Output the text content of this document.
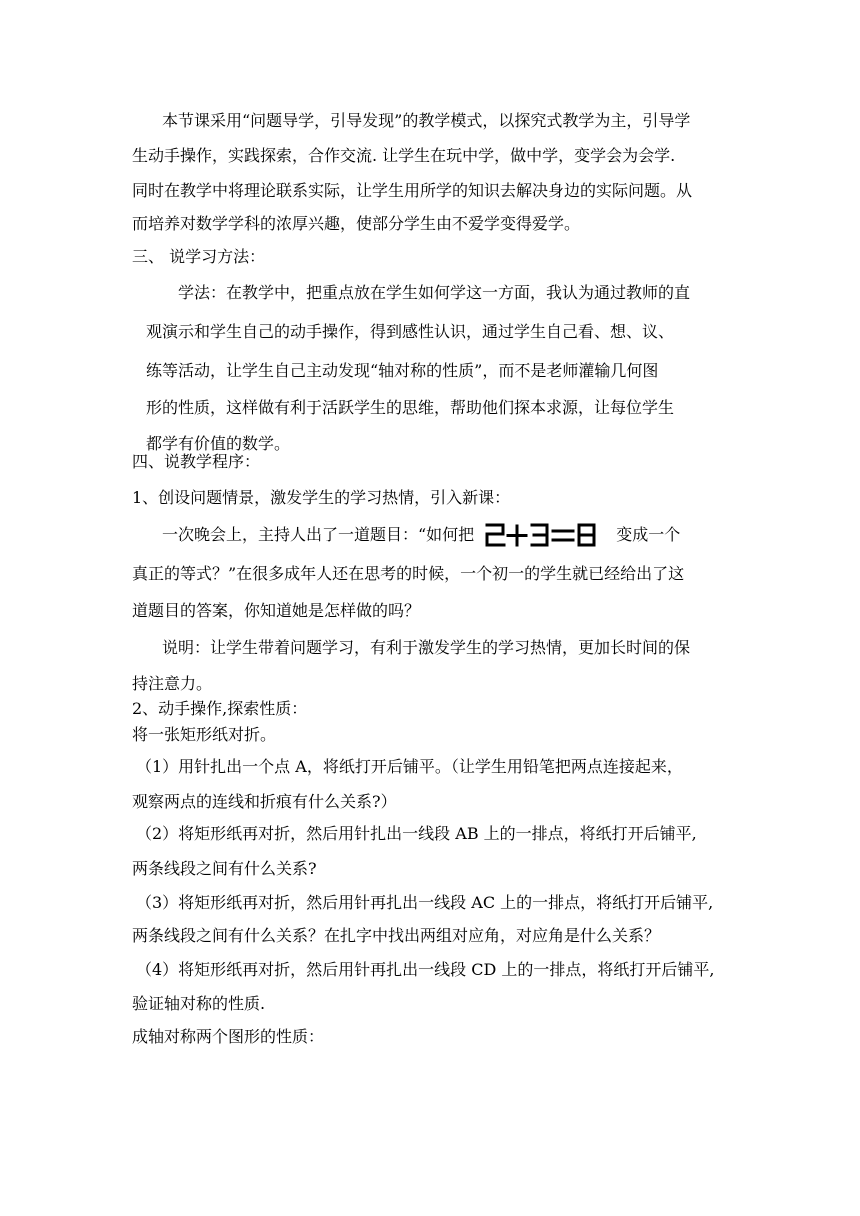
本节课采用“问题导学，引导发现”的教学模式，以探究式教学为主，引导学
生动手操作，实践探索，合作交流. 让学生在玩中学，做中学，变学会为会学.
同时在教学中将理论联系实际，让学生用所学的知识去解决身边的实际问题。从
而培养对数学学科的浓厚兴趣，使部分学生由不爱学变得爱学。
三、 说学习方法：
学法：在教学中，把重点放在学生如何学这一方面，我认为通过教师的直
观演示和学生自己的动手操作，得到感性认识，通过学生自己看、想、议、
练等活动，让学生自己主动发现“轴对称的性质”，而不是老师灌输几何图
形的性质，这样做有利于活跃学生的思维，帮助他们探本求源，让每位学生
都学有价值的数学。
四、说教学程序：
1、创设问题情景，激发学生的学习热情，引入新课：
一次晚会上，主持人出了一道题目：“如何把	变成一个
真正的等式？”在很多成年人还在思考的时候，一个初一的学生就已经给出了这
道题目的答案，你知道她是怎样做的吗？
说明：让学生带着问题学习，有利于激发学生的学习热情，更加长时间的保
持注意力。
2、动手操作,探索性质：
将一张矩形纸对折。
（1）用针扎出一个点 A，将纸打开后铺平。（让学生用铅笔把两点连接起来，
观察两点的连线和折痕有什么关系?）
（2）将矩形纸再对折，然后用针扎出一线段 AB 上的一排点，将纸打开后铺平,
两条线段之间有什么关系?
（3）将矩形纸再对折，然后用针再扎出一线段 AC 上的一排点，将纸打开后铺平,
两条线段之间有什么关系？在扎字中找出两组对应角，对应角是什么关系？
（4）将矩形纸再对折，然后用针再扎出一线段 CD 上的一排点，将纸打开后铺平,
验证轴对称的性质.
成轴对称两个图形的性质：
